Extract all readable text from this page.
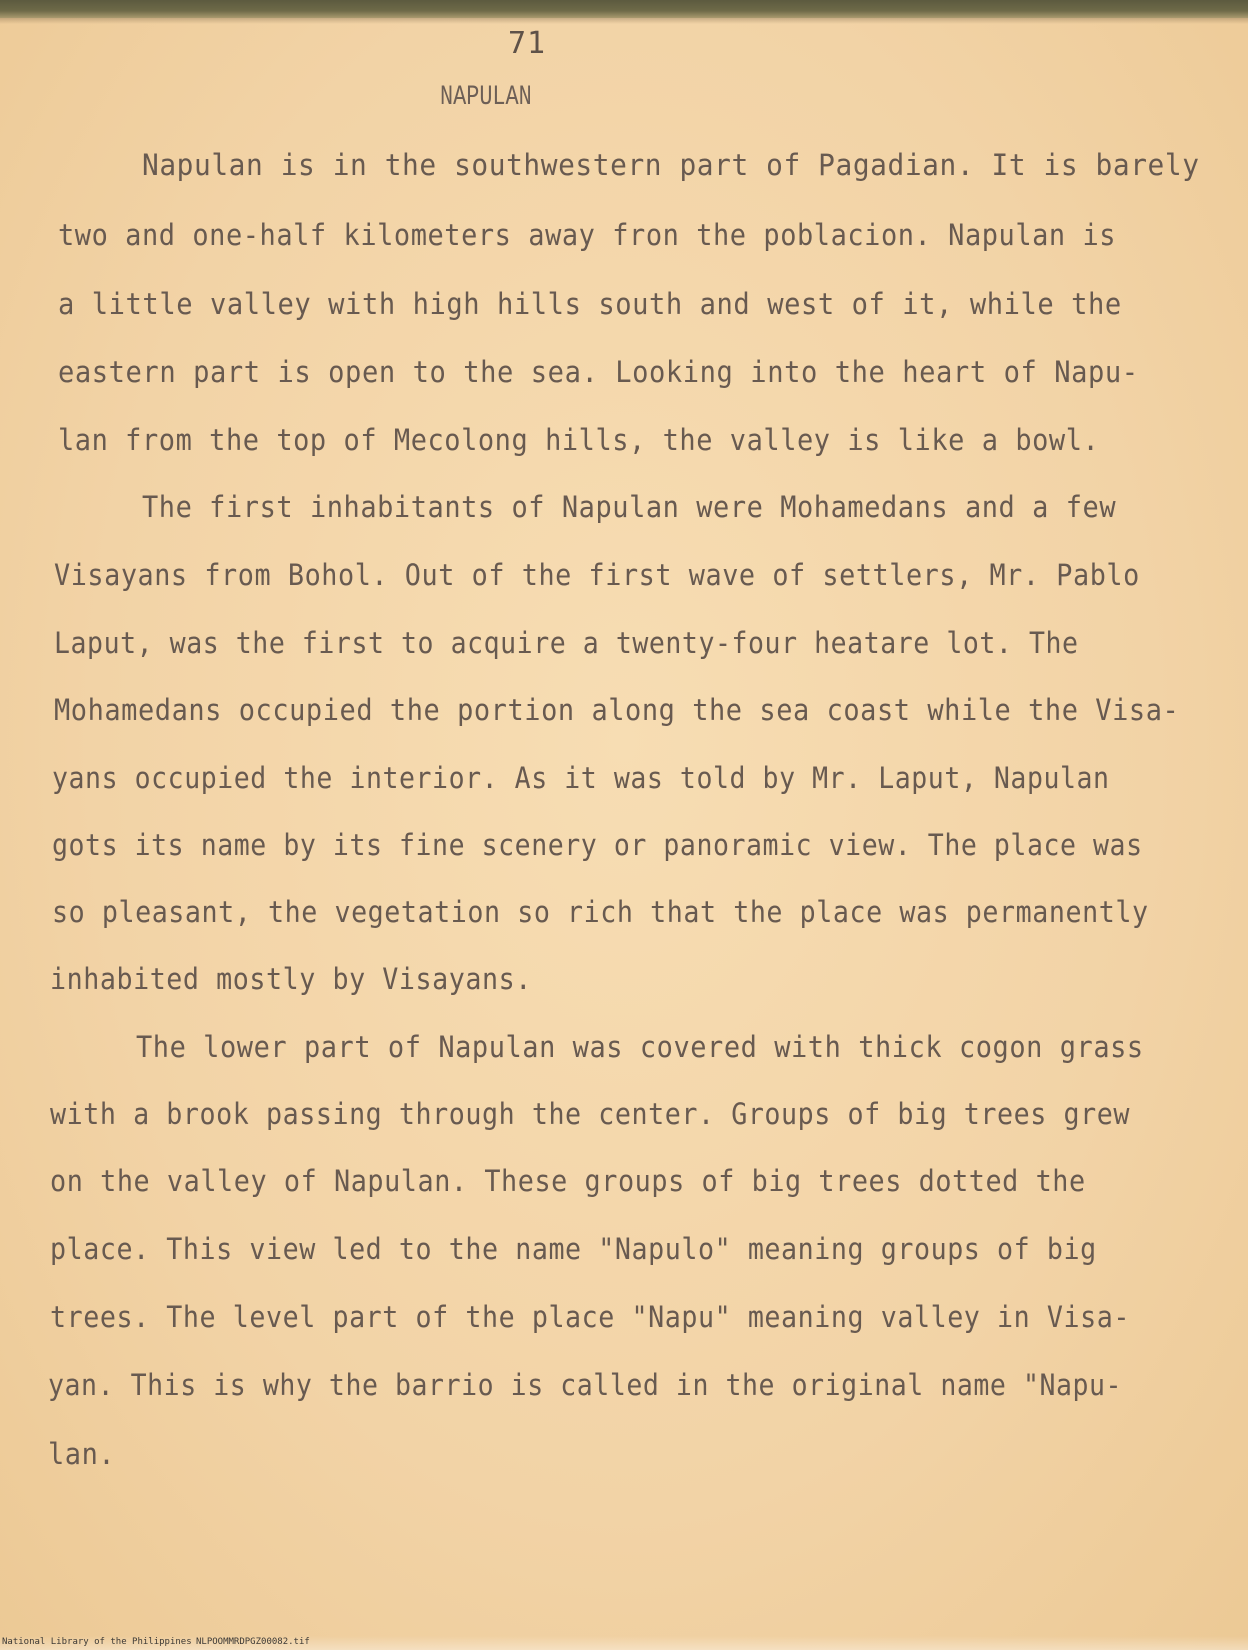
71
NAPULAN
Napulan is in the southwestern part of Pagadian. It is barely
two and one-half kilometers away fron the poblacion. Napulan is
a little valley with high hills south and west of it, while the
eastern part is open to the sea. Looking into the heart of Napu-
lan from the top of Mecolong hills, the valley is like a bowl.
The first inhabitants of Napulan were Mohamedans and a few
Visayans from Bohol. Out of the first wave of settlers, Mr. Pablo
Laput, was the first to acquire a twenty-four heatare lot. The
Mohamedans occupied the portion along the sea coast while the Visa-
yans occupied the interior. As it was told by Mr. Laput, Napulan
gots its name by its fine scenery or panoramic view. The place was
so pleasant, the vegetation so rich that the place was permanently
inhabited mostly by Visayans.
The lower part of Napulan was covered with thick cogon grass
with a brook passing through the center. Groups of big trees grew
on the valley of Napulan. These groups of big trees dotted the
place. This view led to the name "Napulo" meaning groups of big
trees. The level part of the place "Napu" meaning valley in Visa-
yan. This is why the barrio is called in the original name "Napu-
lan.
National Library of the Philippines NLPOOMMRDPGZ00082.tif
